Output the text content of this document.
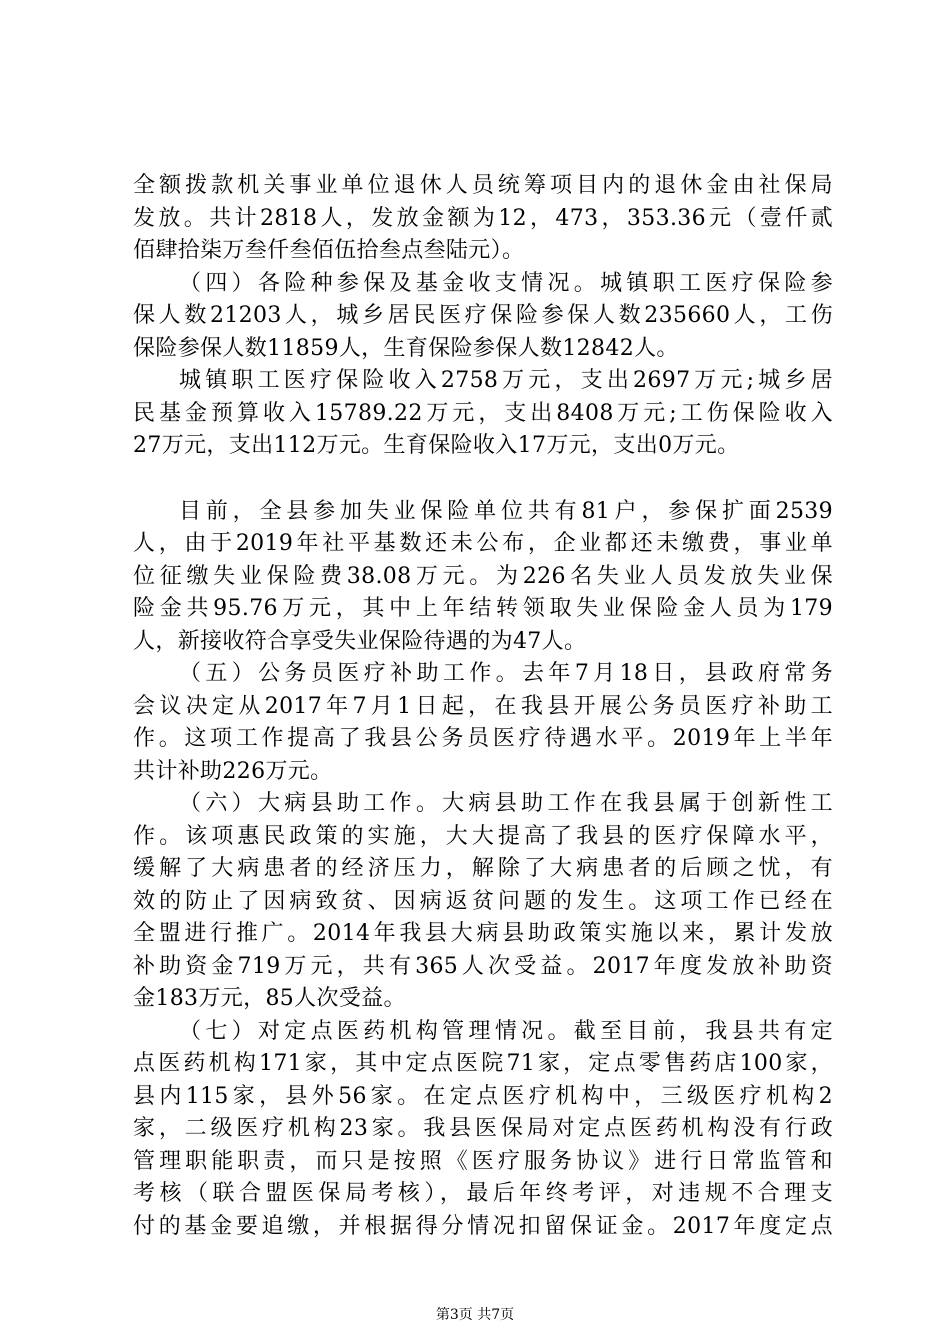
全额拨款机关事业单位退休人员统筹项目内的退休金由社保局
发放。共计2818人，发放金额为12，473，353.36元（壹仟贰
佰肆拾柒万叁仟叁佰伍拾叁点叁陆元）。
（四）各险种参保及基金收支情况。城镇职工医疗保险参
保人数21203人，城乡居民医疗保险参保人数235660人，工伤
保险参保人数11859人，生育保险参保人数12842人。
城镇职工医疗保险收入2758万元，支出2697万元;城乡居
民基金预算收入15789.22万元，支出8408万元;工伤保险收入
27万元，支出112万元。生育保险收入17万元，支出0万元。
目前，全县参加失业保险单位共有81户，参保扩面2539
人，由于2019年社平基数还未公布，企业都还未缴费，事业单
位征缴失业保险费38.08万元。为226名失业人员发放失业保
险金共95.76万元，其中上年结转领取失业保险金人员为179
人，新接收符合享受失业保险待遇的为47人。
（五）公务员医疗补助工作。去年7月18日，县政府常务
会议决定从2017年7月1日起，在我县开展公务员医疗补助工
作。这项工作提高了我县公务员医疗待遇水平。2019年上半年
共计补助226万元。
（六）大病县助工作。大病县助工作在我县属于创新性工
作。该项惠民政策的实施，大大提高了我县的医疗保障水平，
缓解了大病患者的经济压力，解除了大病患者的后顾之忧，有
效的防止了因病致贫、因病返贫问题的发生。这项工作已经在
全盟进行推广。2014年我县大病县助政策实施以来，累计发放
补助资金719万元，共有365人次受益。2017年度发放补助资
金183万元，85人次受益。
（七）对定点医药机构管理情况。截至目前，我县共有定
点医药机构171家，其中定点医院71家，定点零售药店100家，
县内115家，县外56家。在定点医疗机构中，三级医疗机构2
家，二级医疗机构23家。我县医保局对定点医药机构没有行政
管理职能职责，而只是按照《医疗服务协议》进行日常监管和
考核（联合盟医保局考核），最后年终考评，对违规不合理支
付的基金要追缴，并根据得分情况扣留保证金。2017年度定点
第3页 共7页
